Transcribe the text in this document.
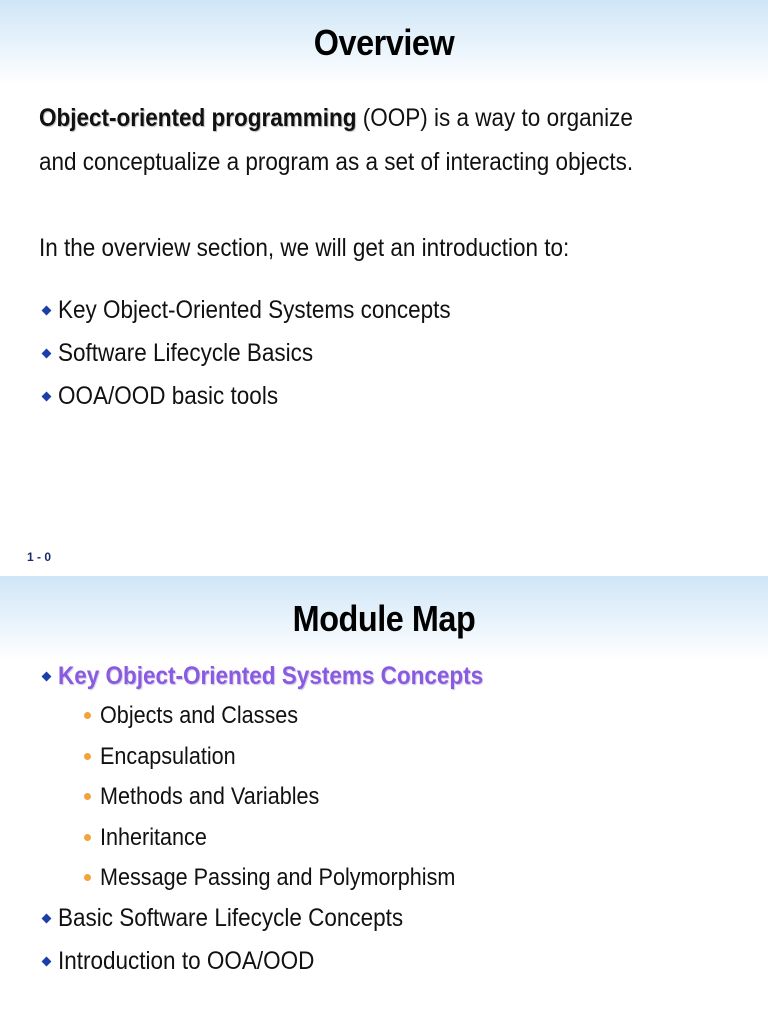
Overview
Object-oriented programming (OOP) is a way to organize
and conceptualize a program as a set of interacting objects.
In the overview section, we will get an introduction to:
Key Object-Oriented Systems concepts
Software Lifecycle Basics
OOA/OOD basic tools
1 - 0
Module Map
Key Object-Oriented Systems Concepts
Objects and Classes
Encapsulation
Methods and Variables
Inheritance
Message Passing and Polymorphism
Basic Software Lifecycle Concepts
Introduction to OOA/OOD
